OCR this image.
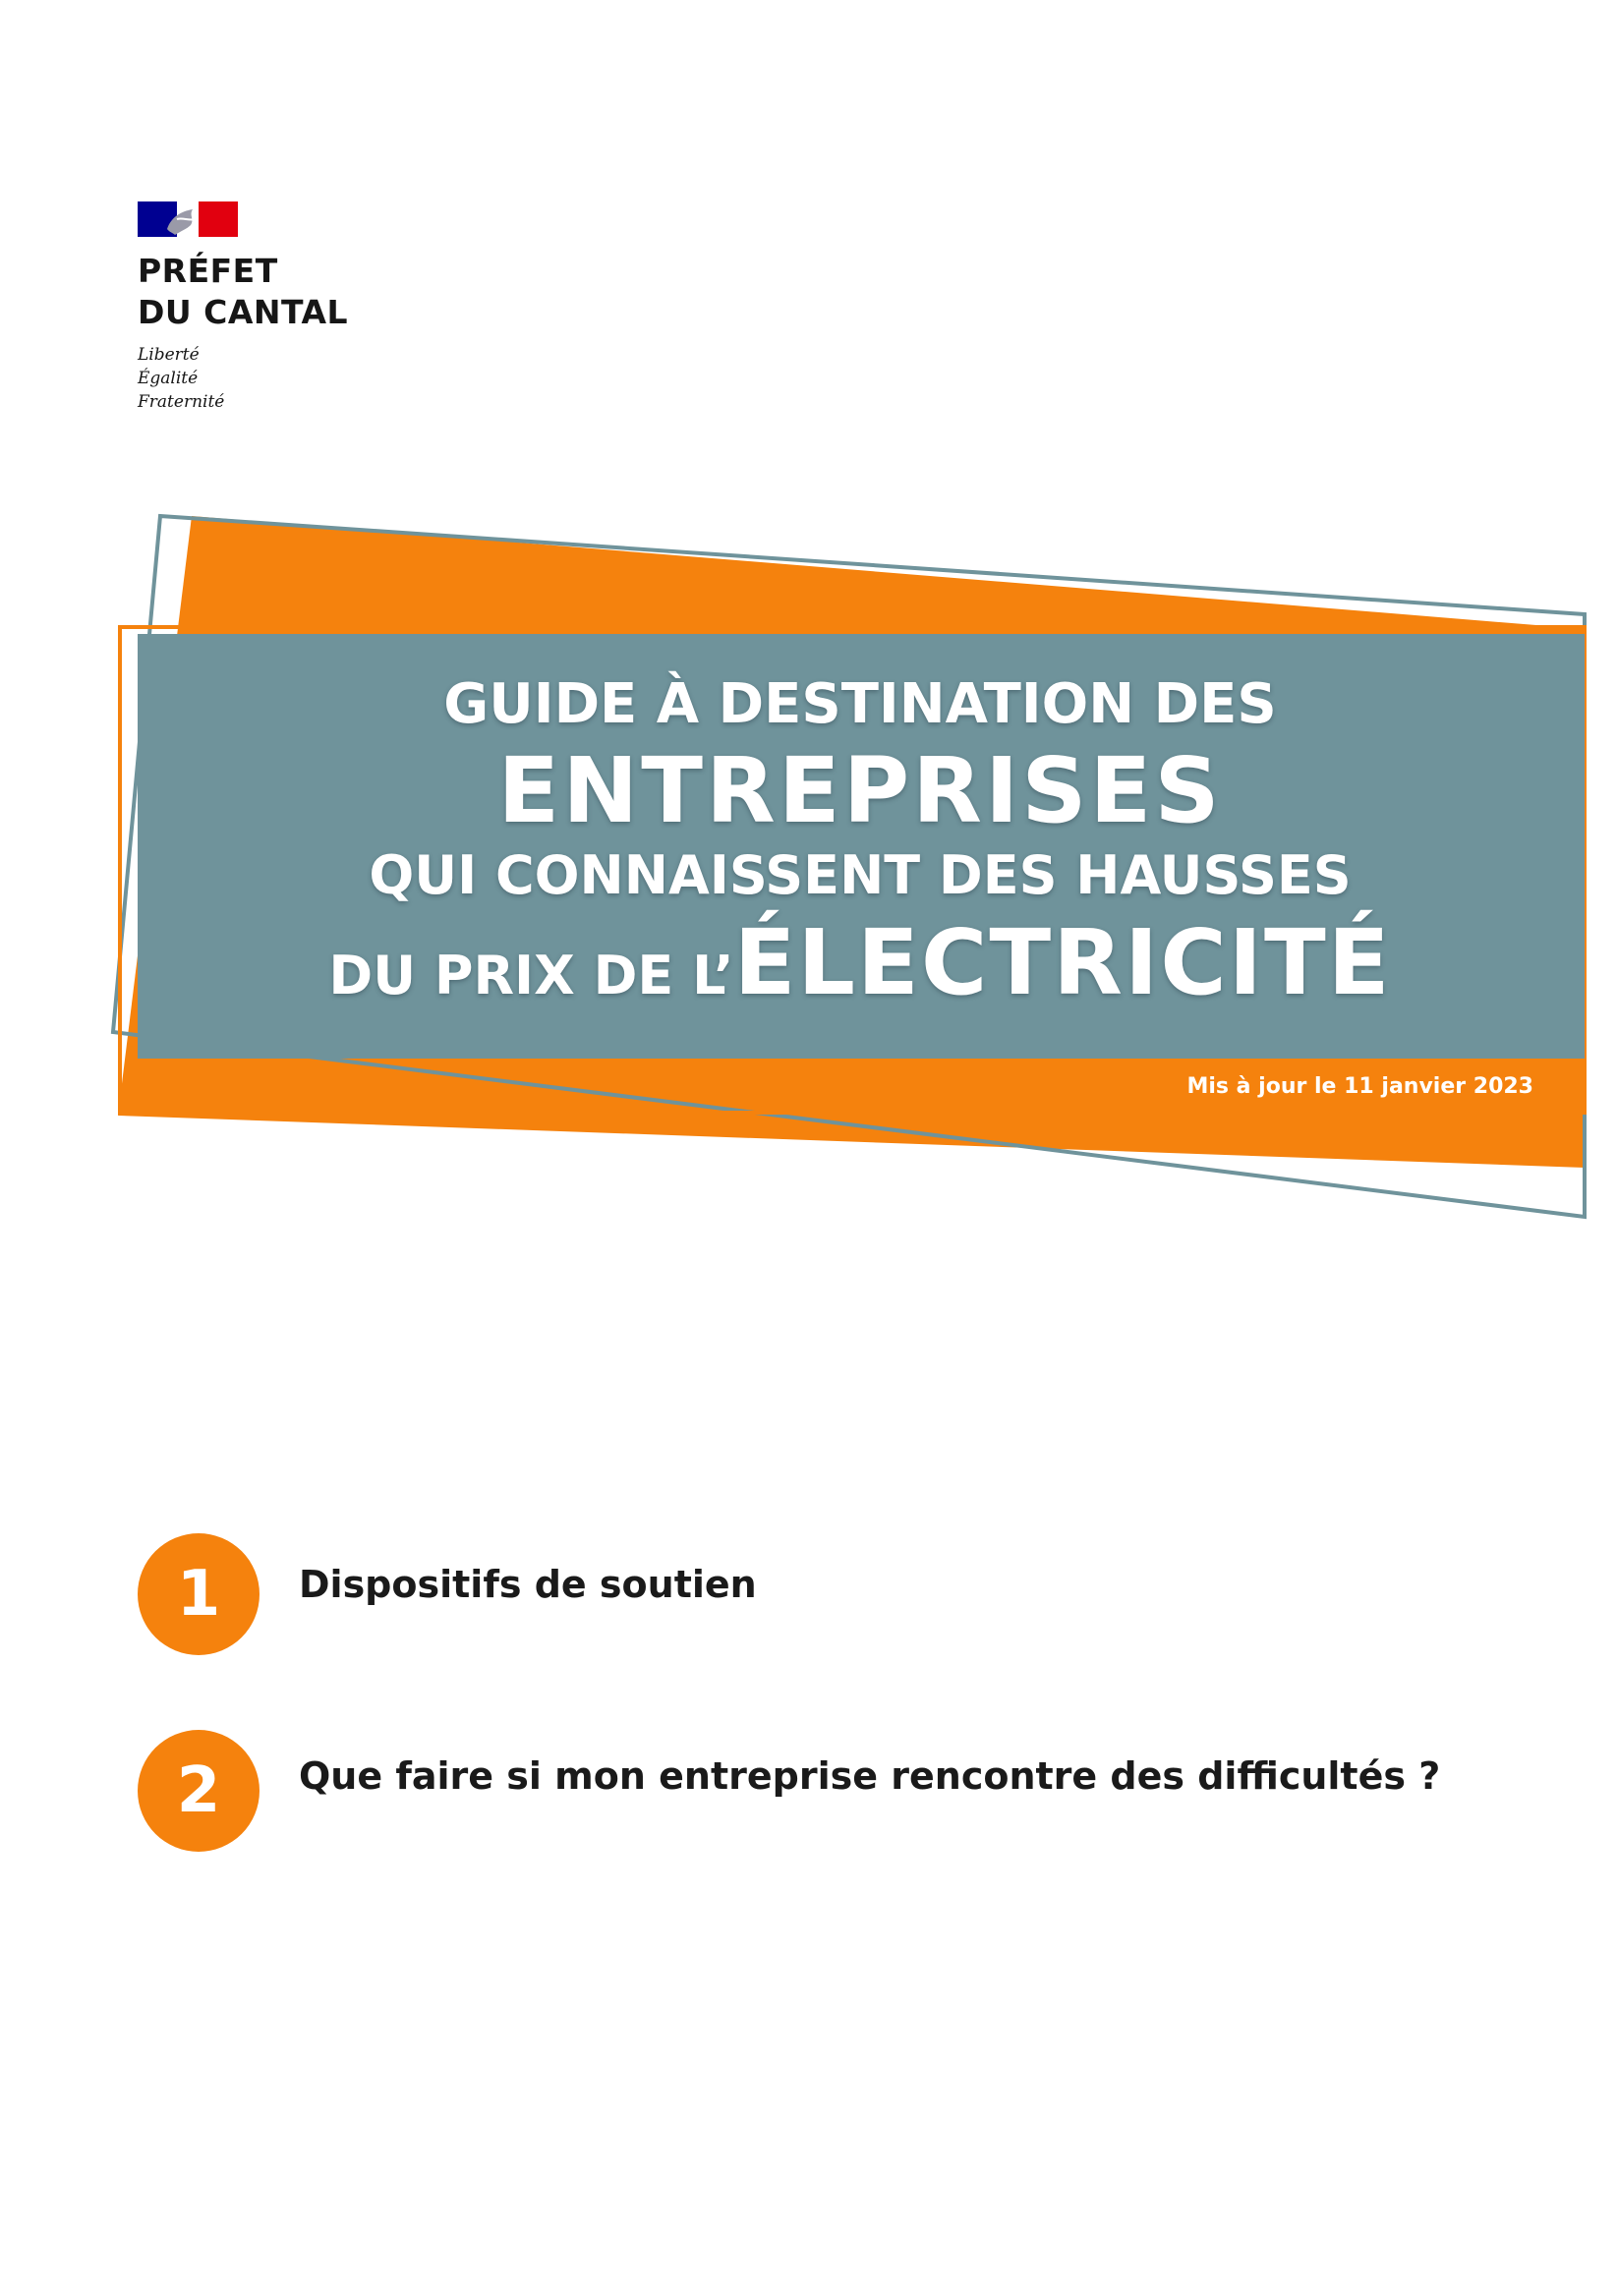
PRÉFET
DU CANTAL
Liberté
Égalité
Fraternité
GUIDE À DESTINATION DES
ENTREPRISES
QUI CONNAISSENT DES HAUSSES
DU PRIX DE L’ÉLECTRICITÉ
Mis à jour le 11 janvier 2023
1	Dispositifs de soutien
2	Que faire si mon entreprise rencontre des difficultés ?
